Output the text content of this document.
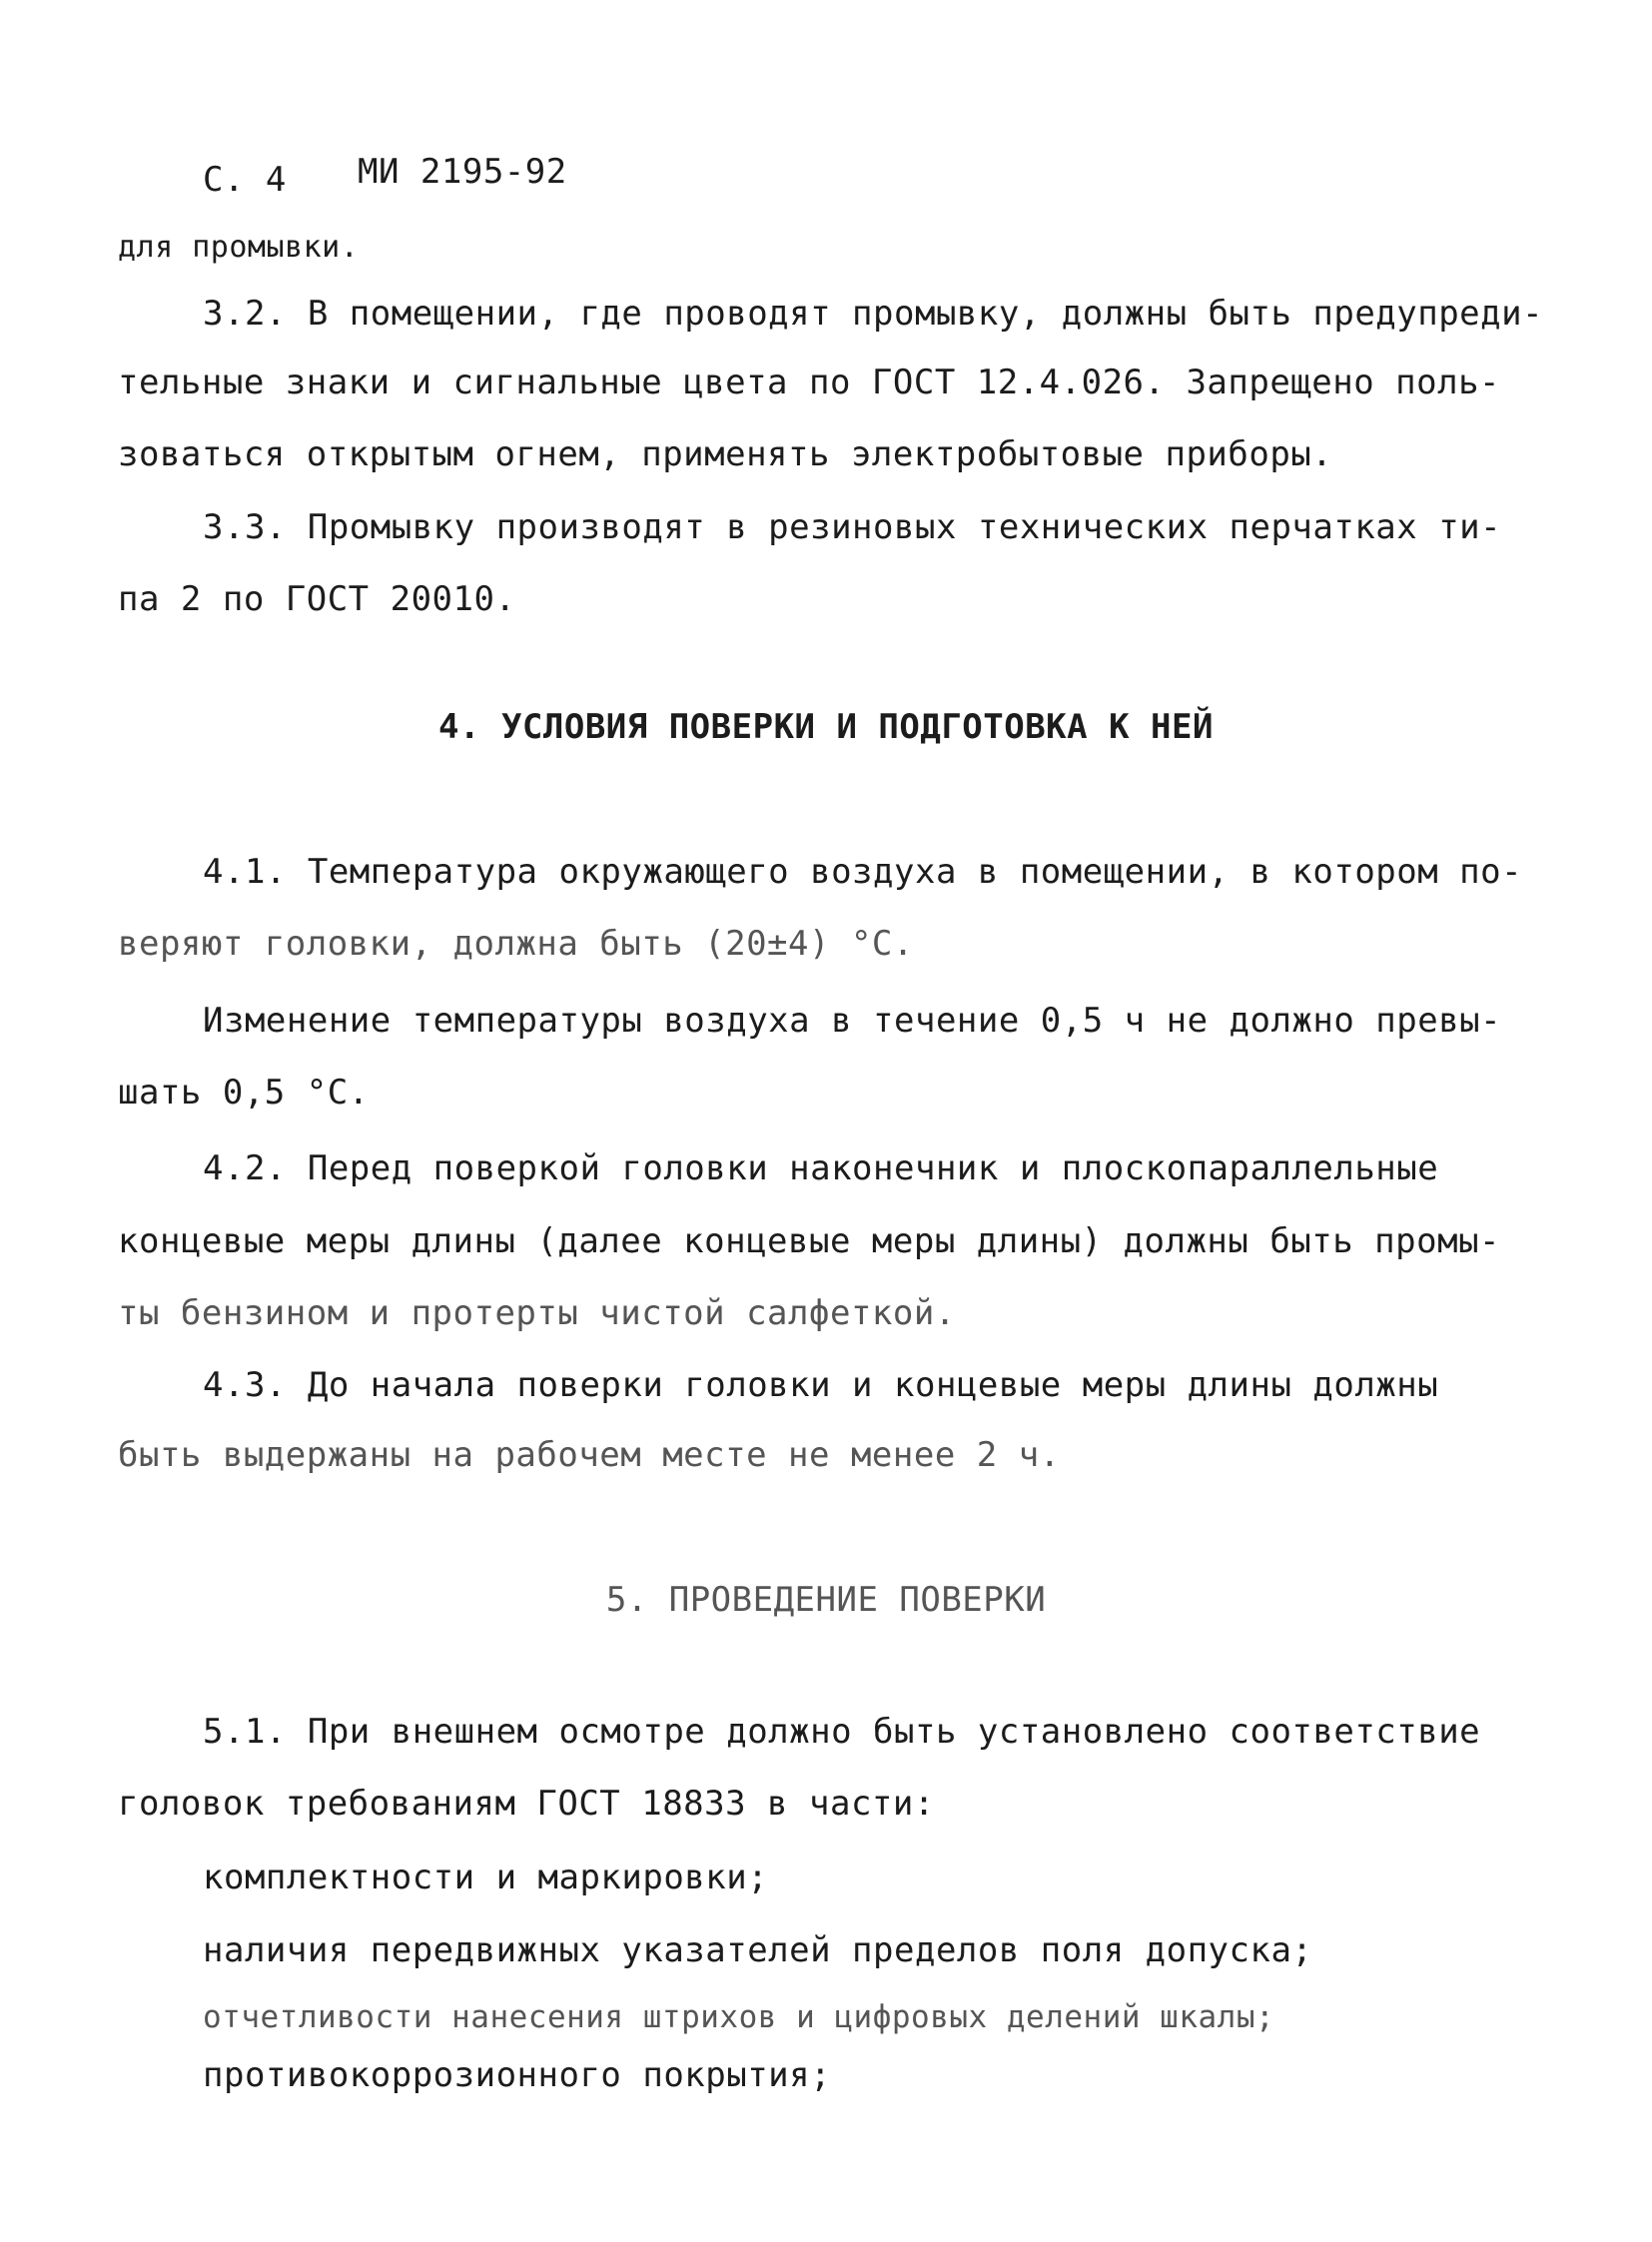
С. 4 МИ 2195-92
для промывки.
3.2. В помещении, где проводят промывку, должны быть предупреди-
тельные знаки и сигнальные цвета по ГОСТ 12.4.026. Запрещено поль-
зоваться открытым огнем, применять электробытовые приборы.
3.3. Промывку производят в резиновых технических перчатках ти-
па 2 по ГОСТ 20010.
4. УСЛОВИЯ ПОВЕРКИ И ПОДГОТОВКА К НЕЙ
4.1. Температура окружающего воздуха в помещении, в котором по-
веряют головки, должна быть (20±4) °С.
Изменение температуры воздуха в течение 0,5 ч не должно превы-
шать 0,5 °С.
4.2. Перед поверкой головки наконечник и плоскопараллельные
концевые меры длины (далее концевые меры длины) должны быть промы-
ты бензином и протерты чистой салфеткой.
4.3. До начала поверки головки и концевые меры длины должны
быть выдержаны на рабочем месте не менее 2 ч.
5. ПРОВЕДЕНИЕ ПОВЕРКИ
5.1. При внешнем осмотре должно быть установлено соответствие
головок требованиям ГОСТ 18833 в части:
комплектности и маркировки;
наличия передвижных указателей пределов поля допуска;
отчетливости нанесения штрихов и цифровых делений шкалы;
противокоррозионного покрытия;
